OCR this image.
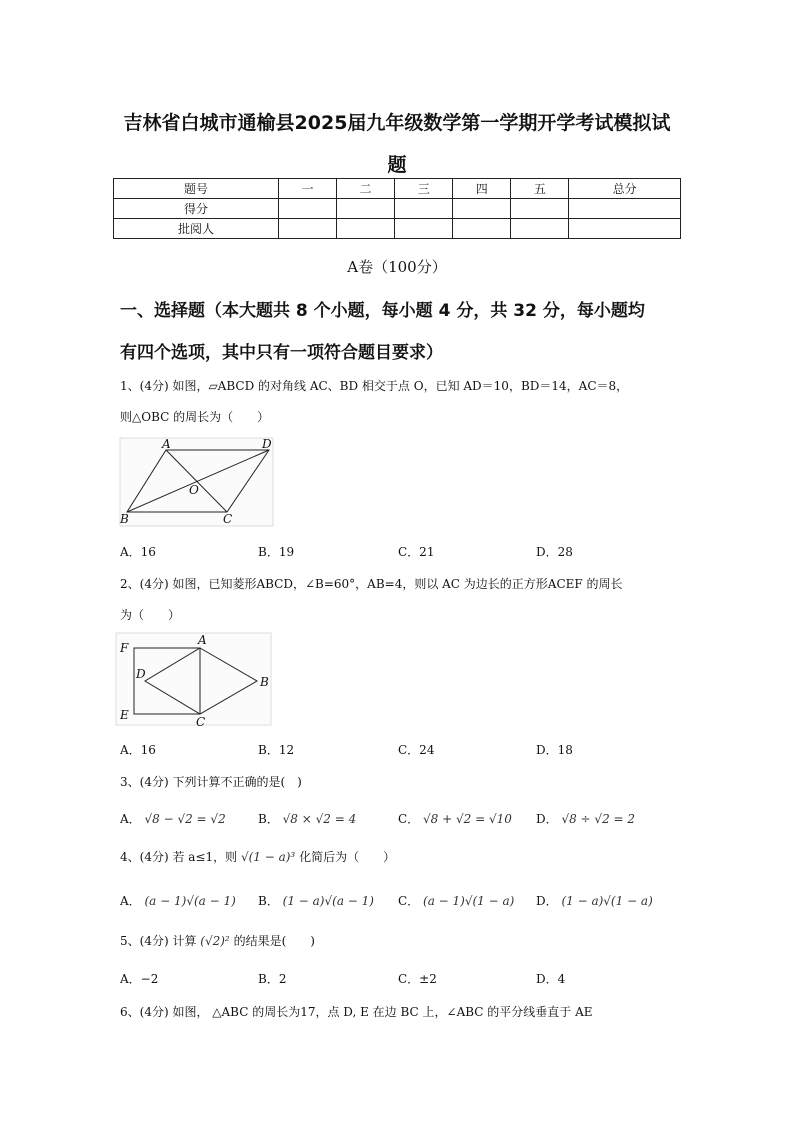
吉林省白城市通榆县2025届九年级数学第一学期开学考试模拟试
题
题号	一	二	三	四	五	总分
得分						
批阅人						
A卷（100分）
一、选择题（本大题共 8 个小题，每小题 4 分，共 32 分，每小题均
有四个选项，其中只有一项符合题目要求）
1、(4分) 如图，▱ABCD 的对角线 AC、BD 相交于点 O，已知 AD＝10，BD＝14，AC＝8，
则△OBC 的周长为（　　）
A	D
O
B	C
A．16	B．19	C．21	D．28
2、(4分) 如图，已知菱形ABCD，∠B=60°，AB=4，则以 AC 为边长的正方形ACEF 的周长
为（　　）
F
A
D
B
E	C
A．16	B．12	C．24	D．18
3、(4分) 下列计算不正确的是(　)
A． √8 − √2 = √2	B． √8 × √2 = 4	C． √8 + √2 = √10 D． √8 ÷ √2 = 2
4、(4分) 若 a≤1，则 √(1 − a)³ 化简后为（　　）
A． (a − 1)√(a − 1) B． (1 − a)√(a − 1) C． (a − 1)√(1 − a) D． (1 − a)√(1 − a)
5、(4分) 计算 (√2)² 的结果是(　　)
A．−2	B．2	C．±2	D．4
6、(4分) 如图， △ABC 的周长为17，点 D, E 在边 BC 上，∠ABC 的平分线垂直于 AE
